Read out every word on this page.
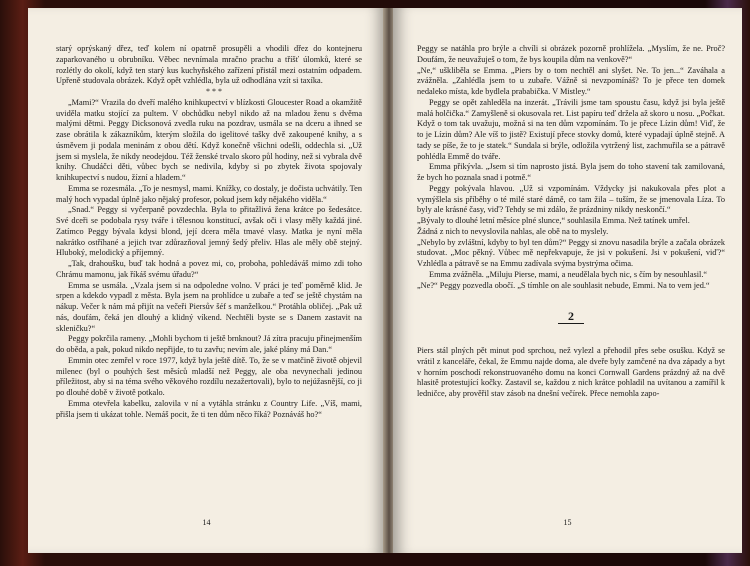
starý oprýskaný dřez, teď kolem ní opatrně prosupěli a vhodili dřez do kontejneru zaparkovaného u obrubníku. Věbec nevnímala mračno prachu a tříšť úlomků, které se rozlétly do okolí, když ten starý kus kuchyňského zařízení přistál mezi ostatním odpadem. Upřeně studovala obrázek. Když opět vzhlédla, byla už odhodlána vzít si taxíka.

***

„Mami?“ Vrazila do dveří malého knihkupectví v blízkosti Gloucester Road a okamžitě uviděla matku stojící za pultem. V obchůdku nebyl nikdo až na mladou ženu s dvěma malými dětmi. Peggy Dicksonová zvedla ruku na pozdrav, usmála se na dceru a ihned se zase obrátila k zákazníkům, kterým složila do igelitové tašky dvě zakoupené knihy, a s úsměvem ji podala meninám z obou dětí. Když konečně všichni odešli, oddechla si. „Už jsem si myslela, že nikdy neodejdou. Též ženské trvalo skoro půl hodiny, než si vybrala dvě knihy. Chudáčci děti, vůbec bych se nedivila, kdyby si po zbytek života spojovaly knihkupectví s nudou, žízní a hladem.“

Emma se rozesmála. „To je nesmysl, mami. Knížky, co dostaly, je dočista uchvátily. Ten malý hoch vypadal úplně jako nějaký profesor, pokud jsem kdy nějakého viděla.“

„Snad.“ Peggy si vyčerpaně povzdechla. Byla to přitažlivá žena krátce po šedesátce. Své dceři se podobala rysy tváře i tělesnou konstitucí, avšak oči i vlasy měly každá jiné. Zatímco Peggy bývala kdysi blond, její dcera měla tmavé vlasy. Matka je nyní měla nakrátko ostříhané a jejich tvar zdůrazňoval jemný šedý přeliv. Hlas ale měly obě stejný. Hluboký, melodický a příjemný.

„Tak, drahoušku, buď tak hodná a povez mi, co, proboha, pohledáváš mimo zdi toho Chrámu mamonu, jak říkáš svému úřadu?“

Emma se usmála. „Vzala jsem si na odpoledne volno. V práci je teď poměrně klid. Je srpen a kdekdo vypadl z města. Byla jsem na prohlídce u zubaře a teď se ještě chystám na nákup. Večer k nám má přijít na večeři Piersův šéf s manželkou.“ Protáhla obličej. „Pak už nás, doufám, čeká jen dlouhý a klidný víkend. Nechtěli byste se s Danem zastavit na skleničku?“

Peggy pokrčila rameny. „Mohli bychom ti ještě brnknout? Já zítra pracuju přinejmenším do oběda, a pak, pokud nikdo nepřijde, to tu zavřu; nevím ale, jaké plány má Dan.“

Emmin otec zemřel v roce 1977, když byla ještě dítě. To, že se v matčině životě objevil milenec (byl o pouhých šest měsíců mladší než Peggy, ale oba nevynechali jedinou příležitost, aby si na téma svého věkového rozdílu nezažertovali), bylo to nejúžasnější, co ji po dlouhé době v životě potkalo.

Emma otevřela kabelku, zalovila v ní a vytáhla stránku z Country Life. „Víš, mami, přišla jsem ti ukázat tohle. Nemáš pocit, že ti ten dům něco říká? Poznáváš ho?“

14

Peggy se natáhla pro brýle a chvíli si obrázek pozorně prohlížela. „Myslím, že ne. Proč? Doufám, že neuvažuješ o tom, že bys koupila dům na venkově?“

„Ne,“ uškliběla se Emma. „Piers by o tom nechtěl ani slyšet. Ne. To jen...“ Zaváhala a zvážněla. „Zahlédla jsem to u zubaře. Vážně si nevzpomínáš? To je přece ten domek nedaleko místa, kde bydlela prababička. V Mistley.“

Peggy se opět zahleděla na inzerát. „Trávili jsme tam spoustu času, když jsi byla ještě malá holčička.“ Zamyšleně si okusovala ret. List papíru teď držela až skoro u nosu. „Počkat. Když o tom tak uvažuju, možná si na ten dům vzpomínám. To je přece Lízin dům! Viď, že to je Lízin dům? Ale víš to jistě? Existují přece stovky domů, které vypadají úplně stejně. A tady se píše, že to je statek.“ Sundala si brýle, odložila vytržený list, zachmuřila se a pátravě pohlédla Emmě do tváře.

Emma přikývla. „Jsem si tím naprosto jistá. Byla jsem do toho stavení tak zamilovaná, že bych ho poznala snad i potmě.“

Peggy pokývala hlavou. „Už si vzpomínám. Vždycky jsi nakukovala přes plot a vymýšlela sis příběhy o té milé staré dámě, co tam žila – tuším, že se jmenovala Líza. To byly ale krásné časy, viď? Tehdy se mi zdálo, že prázdniny nikdy neskončí.“

„Bývaly to dlouhé letní měsíce plné slunce,“ souhlasila Emma. Než tatínek umřel.

Žádná z nich to nevyslovila nahlas, ale obě na to myslely.

„Nebylo by zvláštní, kdyby to byl ten dům?“ Peggy si znovu nasadila brýle a začala obrázek studovat. „Moc pěkný. Vůbec mě nepřekvapuje, že jsi v pokušení. Jsi v pokušení, viď?“ Vzhlédla a pátravě se na Emmu zadívala svýma bystrýma očima.

Emma zvážněla. „Miluju Pierse, mami, a neudělala bych nic, s čím by nesouhlasil.“

„Ne?“ Peggy pozvedla obočí. „S tímhle on ale souhlasit nebude, Emmi. Na to vem jed.“

2

Piers stál plných pět minut pod sprchou, než vylezl a přehodil přes sebe osušku. Když se vrátil z kanceláře, čekal, že Emmu najde doma, ale dveře byly zamčené na dva západy a byt v horním poschodí rekonstruovaného domu na konci Cornwall Gardens prázdný až na dvě hlasitě protestující kočky. Zastavil se, každou z nich krátce pohladil na uvítanou a zamířil k ledničce, aby prověřil stav zásob na dnešní večírek. Přece nemohla zapo-

15
